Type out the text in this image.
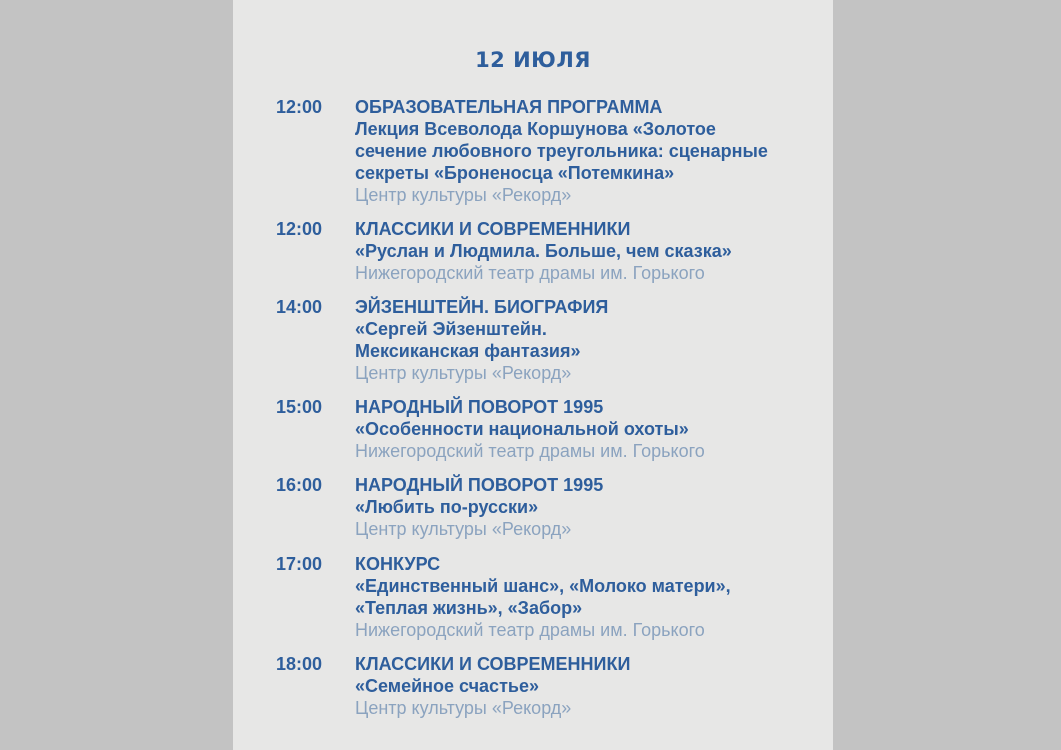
12 ИЮЛЯ
12:00	ОБРАЗОВАТЕЛЬНАЯ ПРОГРАММА
Лекция Всеволода Коршунова «Золотое
сечение любовного треугольника: сценарные
секреты «Броненосца «Потемкина»
Центр культуры «Рекорд»
12:00	КЛАССИКИ И СОВРЕМЕННИКИ
«Руслан и Людмила. Больше, чем сказка»
Нижегородский театр драмы им. Горького
14:00	ЭЙЗЕНШТЕЙН. БИОГРАФИЯ
«Сергей Эйзенштейн.
Мексиканская фантазия»
Центр культуры «Рекорд»
15:00	НАРОДНЫЙ ПОВОРОТ 1995
«Особенности национальной охоты»
Нижегородский театр драмы им. Горького
16:00	НАРОДНЫЙ ПОВОРОТ 1995
«Любить по-русски»
Центр культуры «Рекорд»
17:00	КОНКУРС
«Единственный шанс», «Молоко матери»,
«Теплая жизнь», «Забор»
Нижегородский театр драмы им. Горького
18:00	КЛАССИКИ И СОВРЕМЕННИКИ
«Семейное счастье»
Центр культуры «Рекорд»
